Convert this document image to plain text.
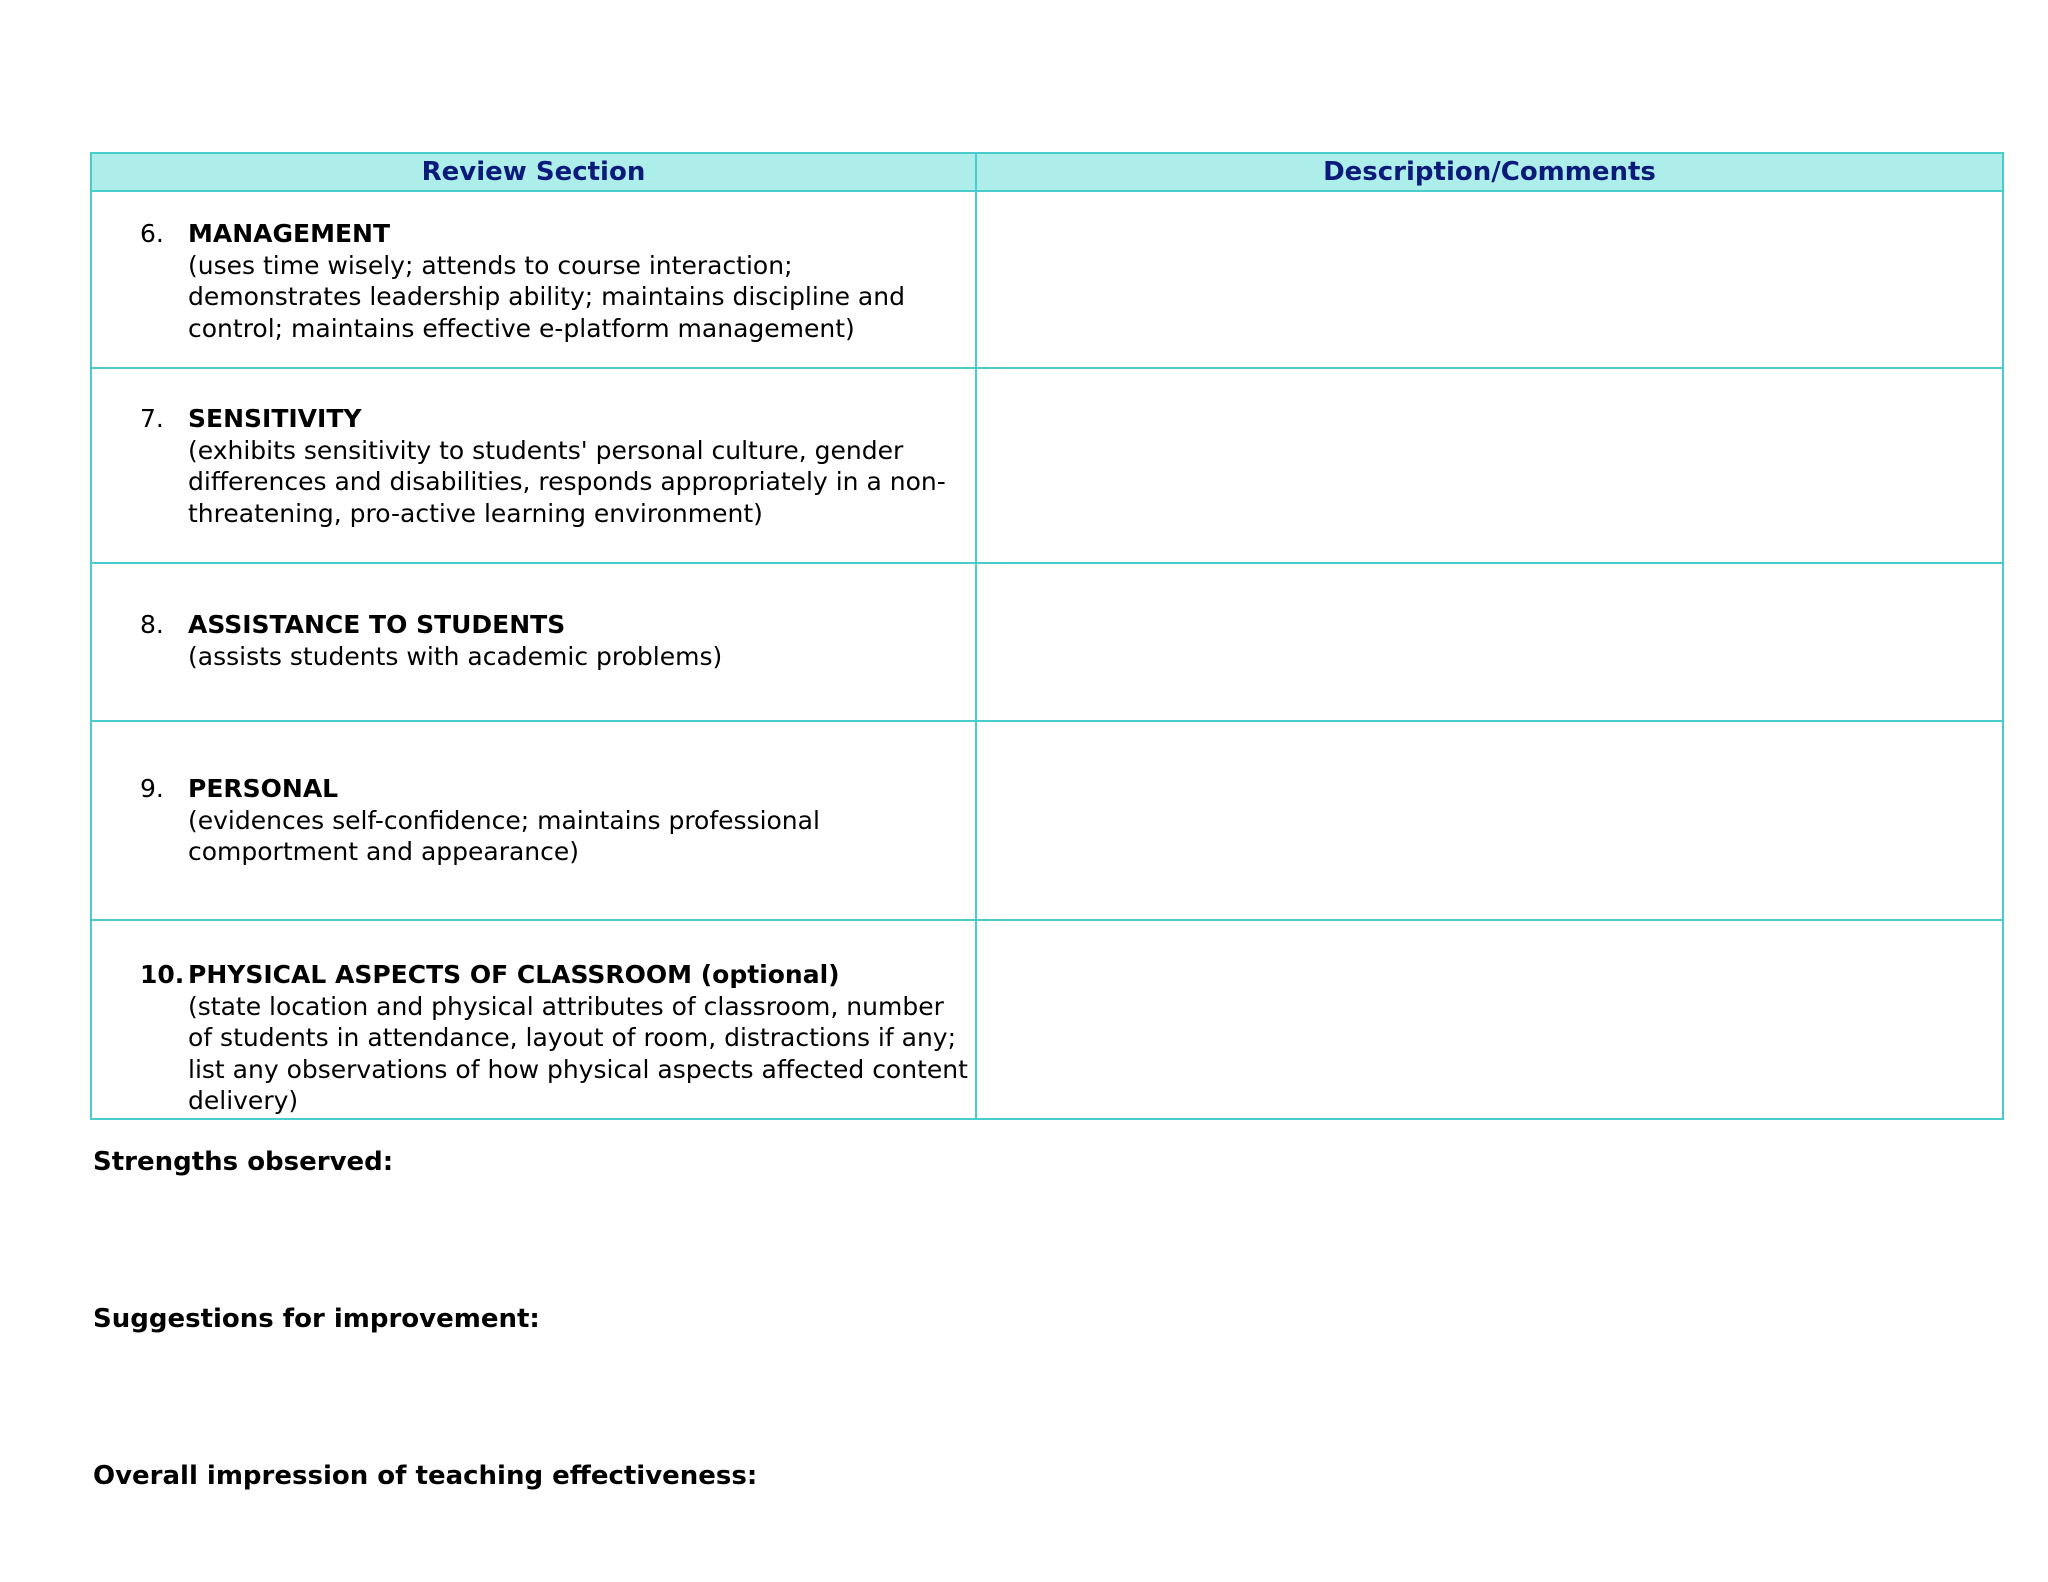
Review Section	Description/Comments

6. MANAGEMENT
(uses time wisely; attends to course interaction; demonstrates leadership ability; maintains discipline and control; maintains effective e-platform management)	

7. SENSITIVITY
(exhibits sensitivity to students' personal culture, gender differences and disabilities, responds appropriately in a non-threatening, pro-active learning environment)	

8. ASSISTANCE TO STUDENTS
(assists students with academic problems)	

9. PERSONAL
(evidences self-confidence; maintains professional comportment and appearance)	

10. PHYSICAL ASPECTS OF CLASSROOM (optional)
(state location and physical attributes of classroom, number of students in attendance, layout of room, distractions if any; list any observations of how physical aspects affected content delivery)	

Strengths observed:
Suggestions for improvement:
Overall impression of teaching effectiveness:
